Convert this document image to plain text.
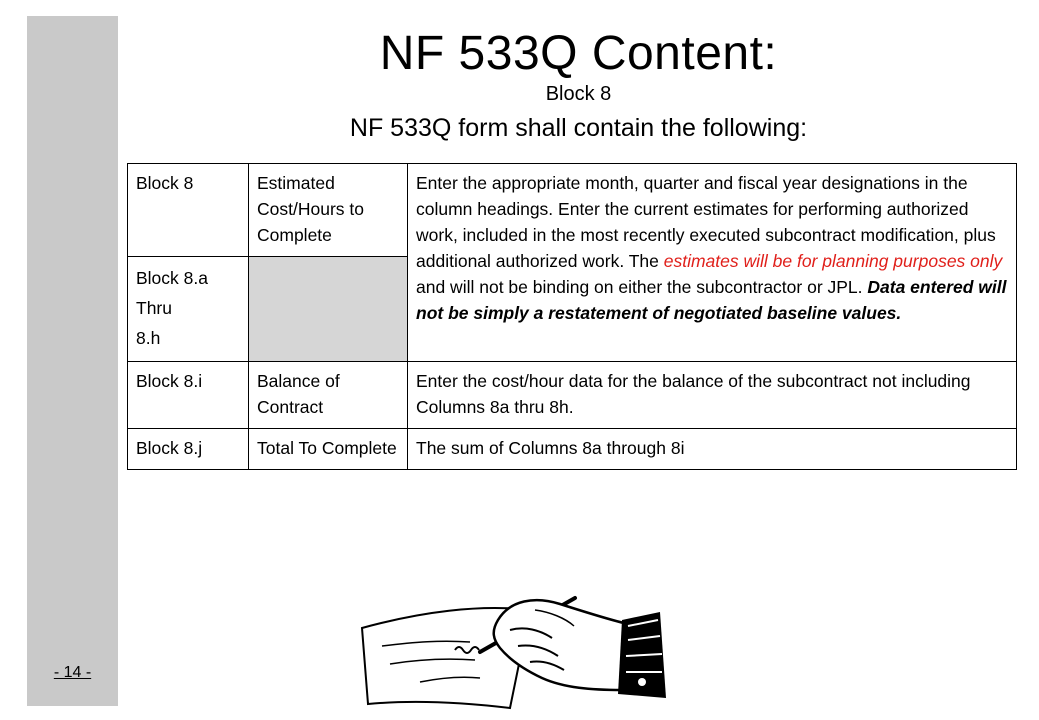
- 14 -
NF 533Q Content:
Block 8
NF 533Q form shall contain the following:
Block 8	Estimated Cost/Hours to Complete	Enter the appropriate month, quarter and fiscal year designations in the column headings. Enter the current estimates for performing authorized work, included in the most recently executed subcontract modification, plus additional authorized work. The estimates will be for planning purposes only and will not be binding on either the subcontractor or JPL. Data entered will not be simply a restatement of negotiated baseline values.

Block 8.a
Thru
8.h		

Block 8.i	Balance of Contract	Enter the cost/hour data for the balance of the subcontract not including Columns 8a thru 8h.
Block 8.j	Total To Complete	The sum of Columns 8a through 8i
